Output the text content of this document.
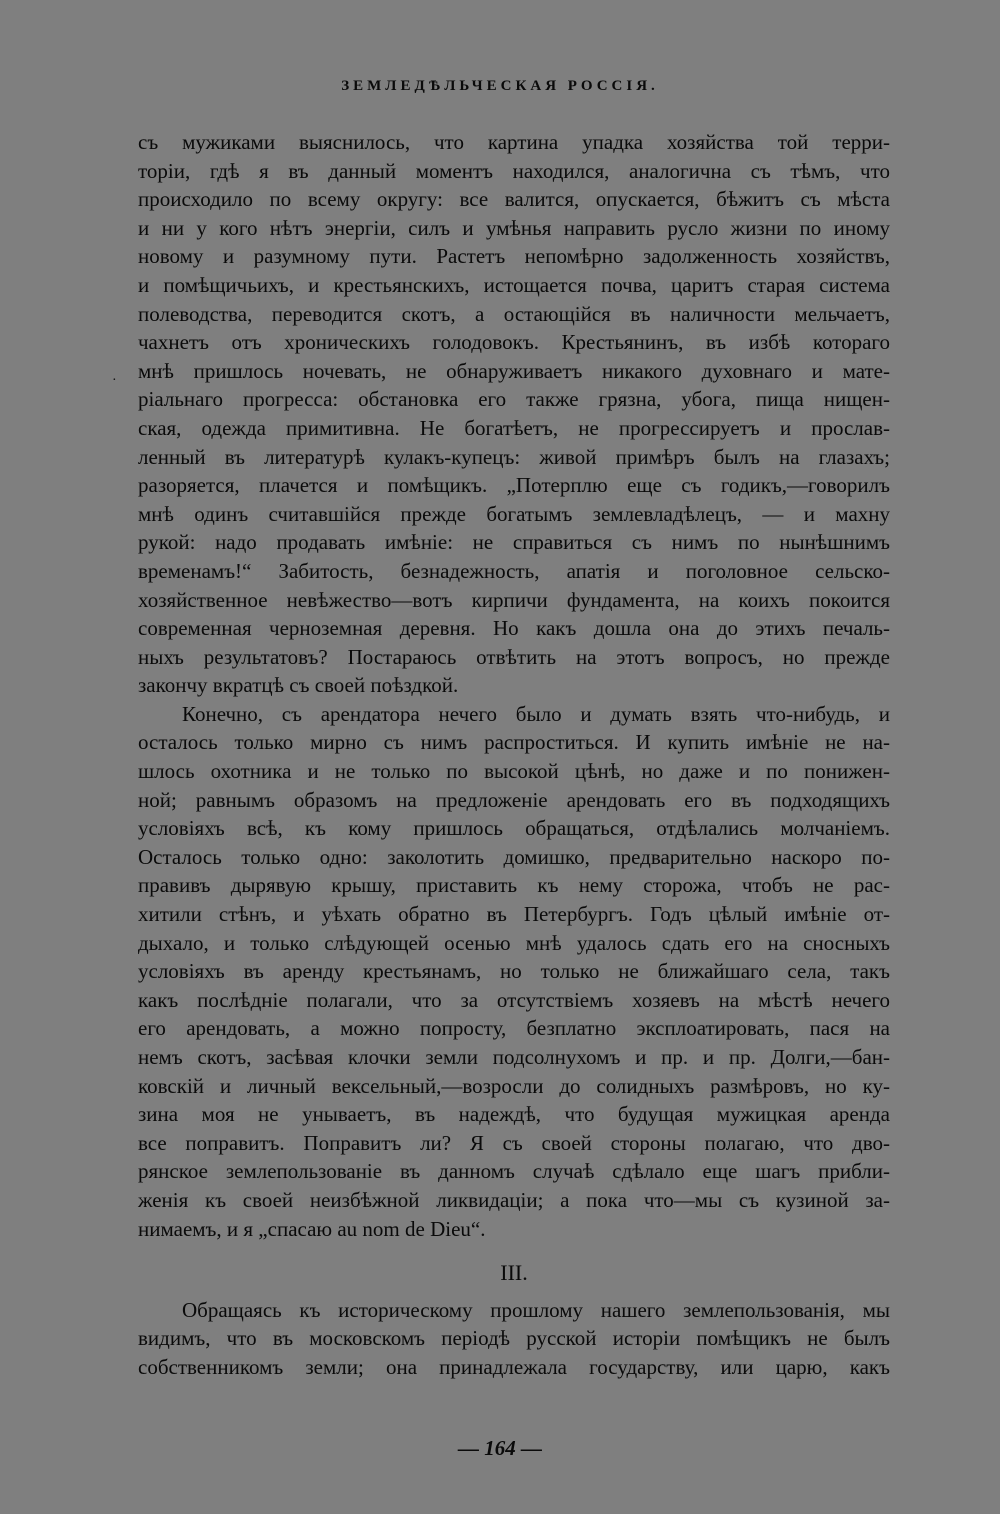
ЗЕМЛЕДѢЛЬЧЕСКАЯ РОССІЯ.
·
съ мужиками выяснилось, что картина упадка хозяйства той терри-
торіи, гдѣ я въ данный моментъ находился, аналогична съ тѣмъ, что
происходило по всему округу: все валится, опускается, бѣжитъ съ мѣста
и ни у кого нѣтъ энергіи, силъ и умѣнья направить русло жизни по иному
новому и разумному пути. Растетъ непомѣрно задолженность хозяйствъ,
и помѣщичьихъ, и крестьянскихъ, истощается почва, царитъ старая система
полеводства, переводится скотъ, а остающійся въ наличности мельчаетъ,
чахнетъ отъ хроническихъ голодовокъ. Крестьянинъ, въ избѣ котораго
мнѣ пришлось ночевать, не обнаруживаетъ никакого духовнаго и мате-
ріальнаго прогресса: обстановка его также грязна, убога, пища нищен-
ская, одежда примитивна. Не богатѣетъ, не прогрессируетъ и прослав-
ленный въ литературѣ кулакъ-купецъ: живой примѣръ былъ на глазахъ;
разоряется, плачется и помѣщикъ. „Потерплю еще съ годикъ,—говорилъ
мнѣ одинъ считавшійся прежде богатымъ землевладѣлецъ, — и махну
рукой: надо продавать имѣніе: не справиться съ нимъ по нынѣшнимъ
временамъ!“ Забитость, безнадежность, апатія и поголовное сельско-
хозяйственное невѣжество—вотъ кирпичи фундамента, на коихъ покоится
современная черноземная деревня. Но какъ дошла она до этихъ печаль-
ныхъ результатовъ? Постараюсь отвѣтить на этотъ вопросъ, но прежде
закончу вкратцѣ съ своей поѣздкой.
Конечно, съ арендатора нечего было и думать взять что-нибудь, и
осталось только мирно съ нимъ распроститься. И купить имѣніе не на-
шлось охотника и не только по высокой цѣнѣ, но даже и по понижен-
ной; равнымъ образомъ на предложеніе арендовать его въ подходящихъ
условіяхъ всѣ, къ кому пришлось обращаться, отдѣлались молчаніемъ.
Осталось только одно: заколотить домишко, предварительно наскоро по-
правивъ дырявую крышу, приставить къ нему сторожа, чтобъ не рас-
хитили стѣнъ, и уѣхать обратно въ Петербургъ. Годъ цѣлый имѣніе от-
дыхало, и только слѣдующей осенью мнѣ удалось сдать его на сносныхъ
условіяхъ въ аренду крестьянамъ, но только не ближайшаго села, такъ
какъ послѣдніе полагали, что за отсутствіемъ хозяевъ на мѣстѣ нечего
его арендовать, а можно попросту, безплатно эксплоатировать, пася на
немъ скотъ, засѣвая клочки земли подсолнухомъ и пр. и пр. Долги,—бан-
ковскій и личный вексельный,—возросли до солидныхъ размѣровъ, но ку-
зина моя не унываетъ, въ надеждѣ, что будущая мужицкая аренда
все поправитъ. Поправитъ ли? Я съ своей стороны полагаю, что дво-
рянское землепользованіе въ данномъ случаѣ сдѣлало еще шагъ прибли-
женія къ своей неизбѣжной ликвидаціи; а пока что—мы съ кузиной за-
нимаемъ, и я „спасаю au nom de Dieu“.
III.
Обращаясь къ историческому прошлому нашего землепользованія, мы
видимъ, что въ московскомъ періодѣ русской исторіи помѣщикъ не былъ
собственникомъ земли; она принадлежала государству, или царю, какъ
— 164 —
